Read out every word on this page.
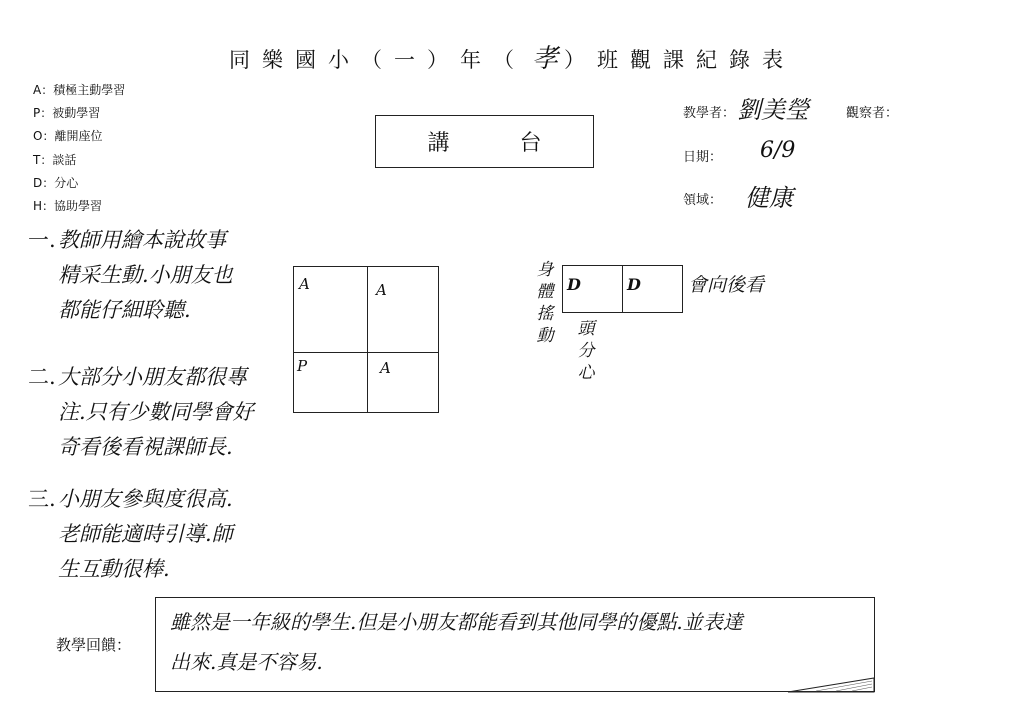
同樂國小（一）年（ 孝 ）班觀課紀錄表
A：積極主動學習
P：被動學習
O：離開座位
T：談話
D：分心
H：協助學習
講台
教學者： 劉美瑩	觀察者：
日期： 6/9
領域： 健康
一. 教師用繪本說故事
精采生動.小朋友也
都能仔細聆聽.
二. 大部分小朋友都很專
注.只有少數同學會好
奇看後看視課師長.
三. 小朋友參與度很高.
老師能適時引導.師
生互動很棒.
A	A
P	A
身體搖動
D	D
頭分心
會向後看
教學回饋：
雖然是一年級的學生.但是小朋友都能看到其他同學的優點.並表達
出來.真是不容易.
